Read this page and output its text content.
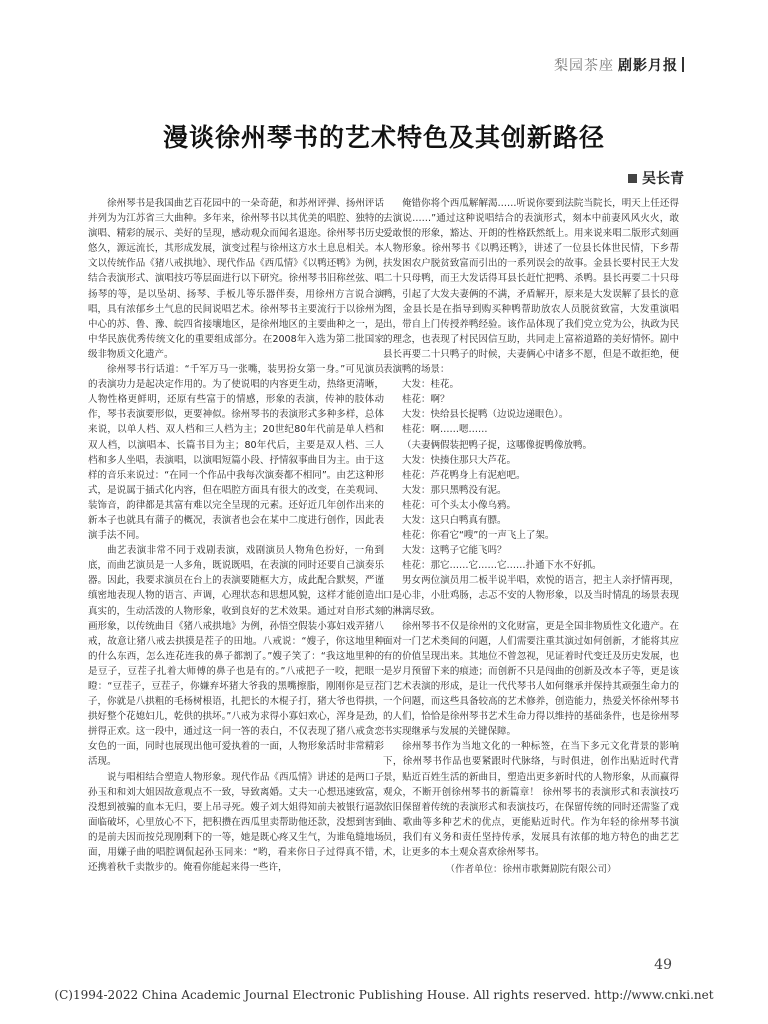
梨园茶座 剧影月报
漫谈徐州琴书的艺术特色及其创新路径
吴长青

徐州琴书是我国曲艺百花园中的一朵奇葩，和苏州评弹、扬州评话并列为为江苏省三大曲种。多年来，徐州琴书以其优美的唱腔、独特的演唱、精彩的展示、美好的呈现，感动观众而闻名退迩。徐州琴书历史悠久，源远流长，其形成发展，演变过程与徐州这方水土息息相关。本文以传统作品《猪八戒拱地》、现代作品《西瓜情》《以鸭还鸭》为例，结合表演形式、演唱技巧等层面进行以下研究。徐州琴书旧称丝弦、唱扬琴的等，是以坠胡、扬琴、手板儿等乐器伴奏，用徐州方言说合演唱，具有浓郁乡土气息的民间说唱艺术。徐州琴书主要流行于以徐州为中心的苏、鲁、豫、皖四省接壤地区，是徐州地区的主要曲种之一，是中华民族优秀传统文化的重要组成部分。在2008年入选为第二批国家级非物质文化遗产。

徐州琴书行话道：“千军万马一张嘴，装男扮女第一身。”可见演员的表演功力是起决定作用的。为了使说唱的内容更生动，热络更清晰，人物性格更鲜明，还原有些富于的情感，形象的表演，传神的肢体动作，琴书表演要形似，更要神似。徐州琴书的表演形式多种多样，总体来说，以单人档、双人档和三人档为主；20世纪80年代前是单人档和双人档，以演唱本、长篇书目为主；80年代后，主要是双人档、三人档和多人坐唱，表演唱，以演唱短篇小段、抒情叙事曲目为主。由于这样的音乐来说过：“在同一个作品中我每次演奏都不相同”。由艺这种形式，是说属于插式化内容，但在唱腔方面具有很大的改变，在美观词、装饰音，韵律都是其富有难以完全呈现的元素。还好近几年创作出来的新本子也就具有蒲子的概况，表演者也会在某中二度进行创作，因此表演手法不同。

曲艺表演非常不同于戏剧表演，戏剧演员人物角色扮好，一角到底，而曲艺演员是一人多角，既说既唱，在表演的同时还要自己演奏乐器。因此，我要求演员在台上的表演要随框大方，成此配合默契，严谨缜密地表现人物的语言、声调，心理状态和思想风貌，这样才能创造出真实的，生动活泼的人物形象，收到良好的艺术效果。通过对自形式刻画形象，以传统曲目《猪八戒拱地》为例，孙悟空假装小寡妇戏弄猪八戒，故意让猪八戒去拱摸是茬子的田地。八戒说：“嫂子，你这地里种的什么东西，怎么连花连我的鼻子都割了。”嫂子笑了：“我这地里种的是豆子，豆茬子扎着大师傅的鼻子也是有的。”八戒把子一咬，把眼一瞪：“豆茬子，豆茬子，你嫌弃坏猪大爷我的黑嘴擦脂，刚刚你是豆茬子，你就是八拱粗的毛杨树根语，扎把长的木棍子打，猪大爷也得拱，拱好整个花媳妇儿，乾供的拱坏。”八戒为求得小寡妇欢心，浑身是劲，拼得正欢。这一段中，通过这一问一答的表白，不仅表现了猪八戒贪恋女色的一面，同时也展现出他可爱执着的一面，人物形象活时非常精彩活现。

说与唱相结合塑造人物形象。现代作品《西瓜情》讲述的是两口子孙玉和和刘大姐因故意观点不一致，导致离婚。丈夫一心想迅速致富，没想到被骗的血本无归，要上吊寻死。嫂子刘大姐得知前夫被银行逼款面临破坏，心里放心不下，把积攒在西瓜里卖帮助他还款，没想到害到的是前夫因而按兑现刚剩下的一等，她是既心疼又生气，为谁龟缝地场面，用嫌子曲的唱腔调侃起孙玉同来：“哟，看来你日子过得真不错，还携着秋千卖散步的。俺看你能起来得一些许，

俺错你将个西瓜解解渴……听说你要到法院当院长，明天上任还得去演说……”通过这种说唱结合的表演形式，刻本中前妻风风火火，敢爱敢恨的形象，豁达、开朗的性格跃然纸上。用来说来唱二版形式刻画人物形象。徐州琴书《以鸭还鸭》，讲述了一位县长体世民情，下乡帮扶发困农户脱贫致富而引出的一系列误会的故事。金县长要村民王大发二十只母鸭，而王大发话得耳县长赶忙把鸭、杀鸭。县长再要二十只母鸭，引起了大发夫妻俩的不满，矛盾解开，原来是大发误解了县长的意图，金县长是在指导到购买种鸭帮助放农人员脱贫致富，大发重演唱出，带自上门传授养鸭经验。该作品体现了我们党立党为公，执政为民的理念，也表现了村民因信互助，共同走上富裕道路的美好情怀。剧中县长再要二十只鸭子的时候，夫妻俩心中诸多不愿，但是不敢拒绝，便表演鸭的场景：

大发：桂花。

桂花：啊？

大发：快给县长捉鸭（边说边递眼色）。

桂花：啊……嗯……

（夫妻俩假装把鸭子捉，这哪像捉鸭像放鸭。

大发：快揍住那只大芦花。

桂花：芦花鸭身上有泥疤吧。

大发：那只黑鸭没有泥。

桂花：可个头太小像乌鸦。

大发：这只白鸭真有膘。

桂花：你看它“嗖”的一声飞上了架。

大发：这鸭子它能飞吗？

桂花：那它……它……它……扑通下水不好抓。

男女两位演员用二板半说半唱，欢悦的语言，把主人亲抒情再现，口是心非，小肚鸡肠，忐忑不安的人物形象，以及当时情乱的场景表现的淋漓尽致。

徐州琴书不仅是徐州的文化财富，更是全国非物质性文化遗产。在面对一门艺术类间的问题，人们需要注重其演过如何创新，才能将其应有的价值呈现出来。其地位不曾忽视，见证着时代变迁及历史发展，也是岁月预留下来的痕迹；而创新不只是闯曲的创新及改本子等，更是该门艺术表演的形成，是让一代代琴书人如何继承并保持其顽强生命力的一个问题，而这些具备较高的艺术修养，创造能力，热爱关怀徐州琴书的人们，恰恰是徐州琴书艺术生命力得以维持的基础条件，也是徐州琴书实现继承与发展的关键保障。

徐州琴书作为当地文化的一种标签，在当下多元文化背景的影响下，徐州琴书作品也要紧跟时代脉络，与时俱进，创作出贴近时代背景，贴近百姓生活的新曲目，塑造出更多新时代的人物形象，从而赢得观众，不断开创徐州琴书的新篇章！ 徐州琴书的表演形式和表演技巧依旧保留着传统的表演形式和表演技巧，在保留传统的同时还需鉴了戏曲、歌曲等多种艺术的优点，更能贴近时代。作为年轻的徐州琴书演员，我们有义务和责任坚持传承，发展具有浓郁的地方特色的曲艺艺术，让更多的本土观众喜欢徐州琴书。

（作者单位：徐州市歌舞剧院有限公司）

49
(C)1994-2022 China Academic Journal Electronic Publishing House. All rights reserved. http://www.cnki.net
